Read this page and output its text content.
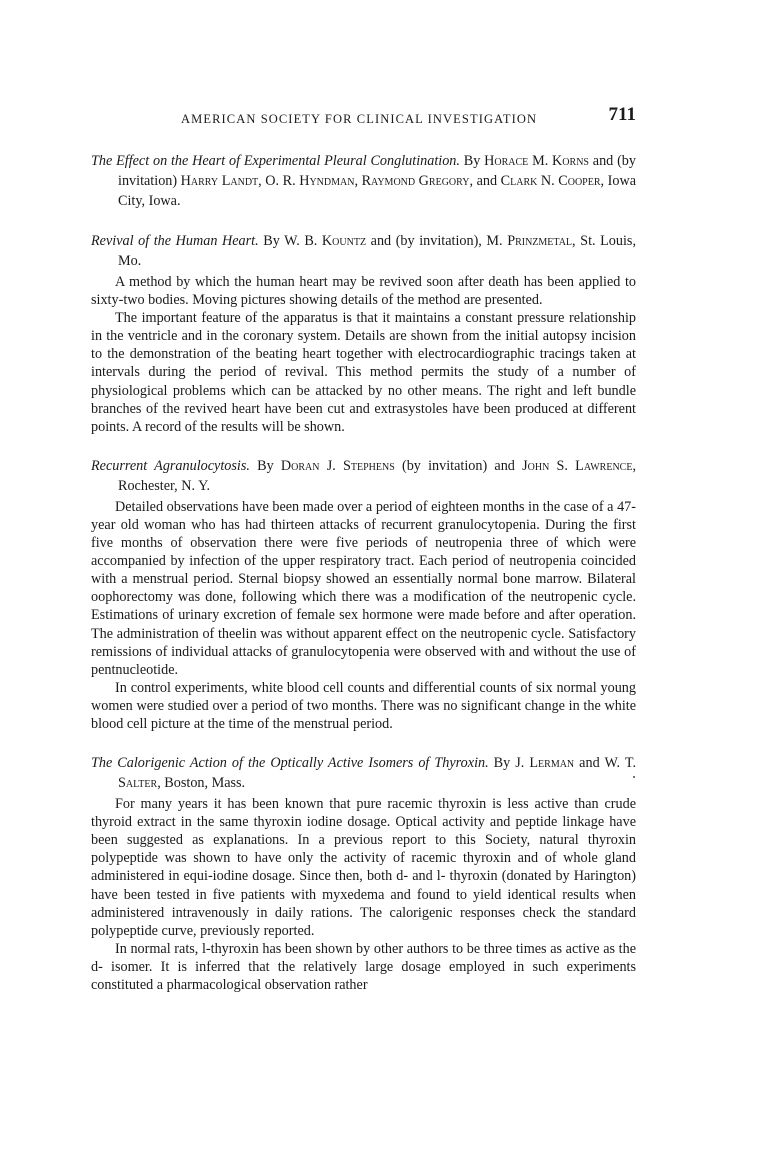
AMERICAN SOCIETY FOR CLINICAL INVESTIGATION	711

The Effect on the Heart of Experimental Pleural Conglutination. By Horace M. Korns and (by invitation) Harry Landt, O. R. Hyndman, Raymond Gregory, and Clark N. Cooper, Iowa City, Iowa.

Revival of the Human Heart. By W. B. Kountz and (by invitation), M. Prinzmetal, St. Louis, Mo.

A method by which the human heart may be revived soon after death has been applied to sixty-two bodies. Moving pictures showing details of the method are presented.

The important feature of the apparatus is that it maintains a constant pressure relationship in the ventricle and in the coronary system. Details are shown from the initial autopsy incision to the demonstration of the beating heart together with electrocardiographic tracings taken at intervals during the period of revival. This method permits the study of a number of physiological problems which can be attacked by no other means. The right and left bundle branches of the revived heart have been cut and extrasystoles have been produced at different points. A record of the results will be shown.

Recurrent Agranulocytosis. By Doran J. Stephens (by invitation) and John S. Lawrence, Rochester, N. Y.

Detailed observations have been made over a period of eighteen months in the case of a 47-year old woman who has had thirteen attacks of recurrent granulocytopenia. During the first five months of observation there were five periods of neutropenia three of which were accompanied by infection of the upper respiratory tract. Each period of neutropenia coincided with a menstrual period. Sternal biopsy showed an essentially normal bone marrow. Bilateral oophorectomy was done, following which there was a modification of the neutropenic cycle. Estimations of urinary excretion of female sex hormone were made before and after operation. The administration of theelin was without apparent effect on the neutropenic cycle. Satisfactory remissions of individual attacks of granulocytopenia were observed with and without the use of pentnucleotide.

In control experiments, white blood cell counts and differential counts of six normal young women were studied over a period of two months. There was no significant change in the white blood cell picture at the time of the menstrual period.

The Calorigenic Action of the Optically Active Isomers of Thyroxin. By J. Lerman and W. T. Salter, Boston, Mass.

For many years it has been known that pure racemic thyroxin is less active than crude thyroid extract in the same thyroxin iodine dosage. Optical activity and peptide linkage have been suggested as explanations. In a previous report to this Society, natural thyroxin polypeptide was shown to have only the activity of racemic thyroxin and of whole gland administered in equi-iodine dosage. Since then, both d- and l- thyroxin (donated by Harington) have been tested in five patients with myxedema and found to yield identical results when administered intravenously in daily rations. The calorigenic responses check the standard polypeptide curve, previously reported.

In normal rats, l-thyroxin has been shown by other authors to be three times as active as the d- isomer. It is inferred that the relatively large dosage employed in such experiments constituted a pharmacological observation rather
